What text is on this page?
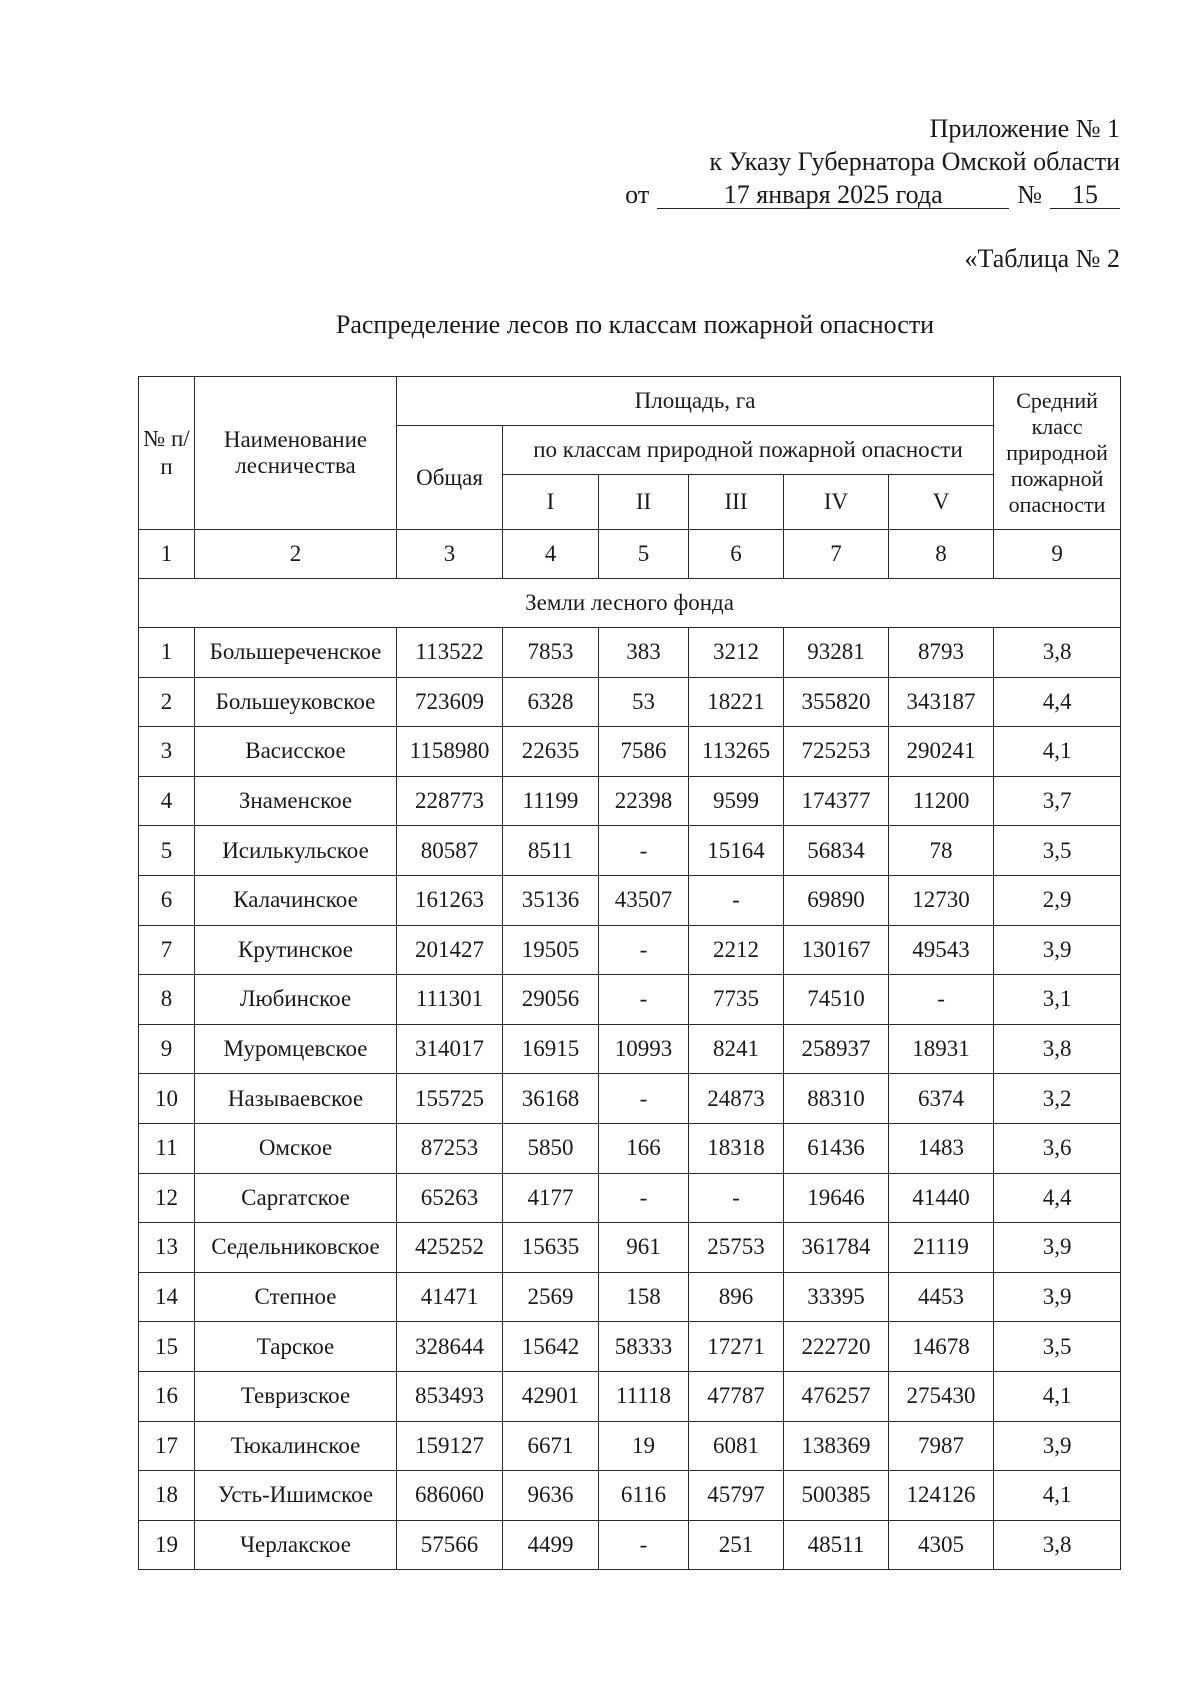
Приложение № 1
к Указу Губернатора Омской области
от	17 января 2025 года	№ 15
«Таблица № 2
Распределение лесов по классам пожарной опасности
№ п/п	Наименование лесничества	Площадь, га						Средний класс природной пожарной опасности
		Общая	по классам природной пожарной опасности					
			I	II	III	IV	V	
1	2	3	4	5	6	7	8	9
Земли лесного фонда								
1	Большереченское	113522	7853	383	3212	93281	8793	3,8
2	Большеуковское	723609	6328	53	18221	355820	343187	4,4
3	Васисское	1158980	22635	7586	113265	725253	290241	4,1
4	Знаменское	228773	11199	22398	9599	174377	11200	3,7
5	Исилькульское	80587	8511	-	15164	56834	78	3,5
6	Калачинское	161263	35136	43507	-	69890	12730	2,9
7	Крутинское	201427	19505	-	2212	130167	49543	3,9
8	Любинское	111301	29056	-	7735	74510	-	3,1
9	Муромцевское	314017	16915	10993	8241	258937	18931	3,8
10	Называевское	155725	36168	-	24873	88310	6374	3,2
11	Омское	87253	5850	166	18318	61436	1483	3,6
12	Саргатское	65263	4177	-	-	19646	41440	4,4
13	Седельниковское	425252	15635	961	25753	361784	21119	3,9
14	Степное	41471	2569	158	896	33395	4453	3,9
15	Тарское	328644	15642	58333	17271	222720	14678	3,5
16	Тевризское	853493	42901	11118	47787	476257	275430	4,1
17	Тюкалинское	159127	6671	19	6081	138369	7987	3,9
18	Усть-Ишимское	686060	9636	6116	45797	500385	124126	4,1
19	Черлакское	57566	4499	-	251	48511	4305	3,8
